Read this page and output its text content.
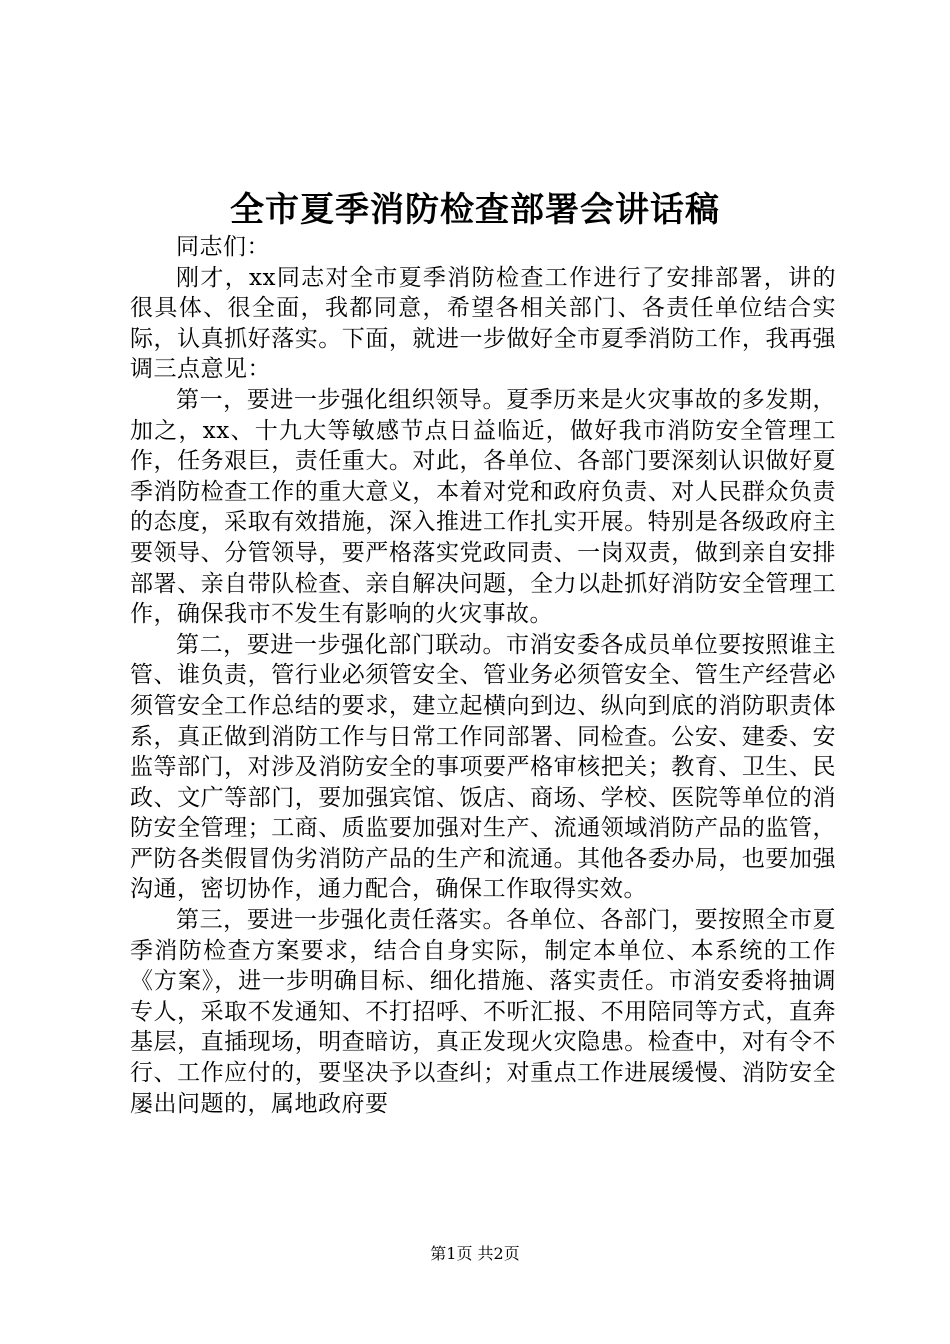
全市夏季消防检查部署会讲话稿

同志们：

刚才，xx同志对全市夏季消防检查工作进行了安排部署，讲的很具体、很全面，我都同意，希望各相关部门、各责任单位结合实际，认真抓好落实。下面，就进一步做好全市夏季消防工作，我再强调三点意见：

第一，要进一步强化组织领导。夏季历来是火灾事故的多发期，加之，xx、十九大等敏感节点日益临近，做好我市消防安全管理工作，任务艰巨，责任重大。对此，各单位、各部门要深刻认识做好夏季消防检查工作的重大意义，本着对党和政府负责、对人民群众负责的态度，采取有效措施，深入推进工作扎实开展。特别是各级政府主要领导、分管领导，要严格落实党政同责、一岗双责，做到亲自安排部署、亲自带队检查、亲自解决问题，全力以赴抓好消防安全管理工作，确保我市不发生有影响的火灾事故。

第二，要进一步强化部门联动。市消安委各成员单位要按照谁主管、谁负责，管行业必须管安全、管业务必须管安全、管生产经营必须管安全工作总结的要求，建立起横向到边、纵向到底的消防职责体系，真正做到消防工作与日常工作同部署、同检查。公安、建委、安监等部门，对涉及消防安全的事项要严格审核把关；教育、卫生、民政、文广等部门，要加强宾馆、饭店、商场、学校、医院等单位的消防安全管理；工商、质监要加强对生产、流通领域消防产品的监管，严防各类假冒伪劣消防产品的生产和流通。其他各委办局，也要加强沟通，密切协作，通力配合，确保工作取得实效。

第三，要进一步强化责任落实。各单位、各部门，要按照全市夏季消防检查方案要求，结合自身实际，制定本单位、本系统的工作《方案》，进一步明确目标、细化措施、落实责任。市消安委将抽调专人，采取不发通知、不打招呼、不听汇报、不用陪同等方式，直奔基层，直插现场，明查暗访，真正发现火灾隐患。检查中，对有令不行、工作应付的，要坚决予以查纠；对重点工作进展缓慢、消防安全屡出问题的，属地政府要

第1页 共2页
